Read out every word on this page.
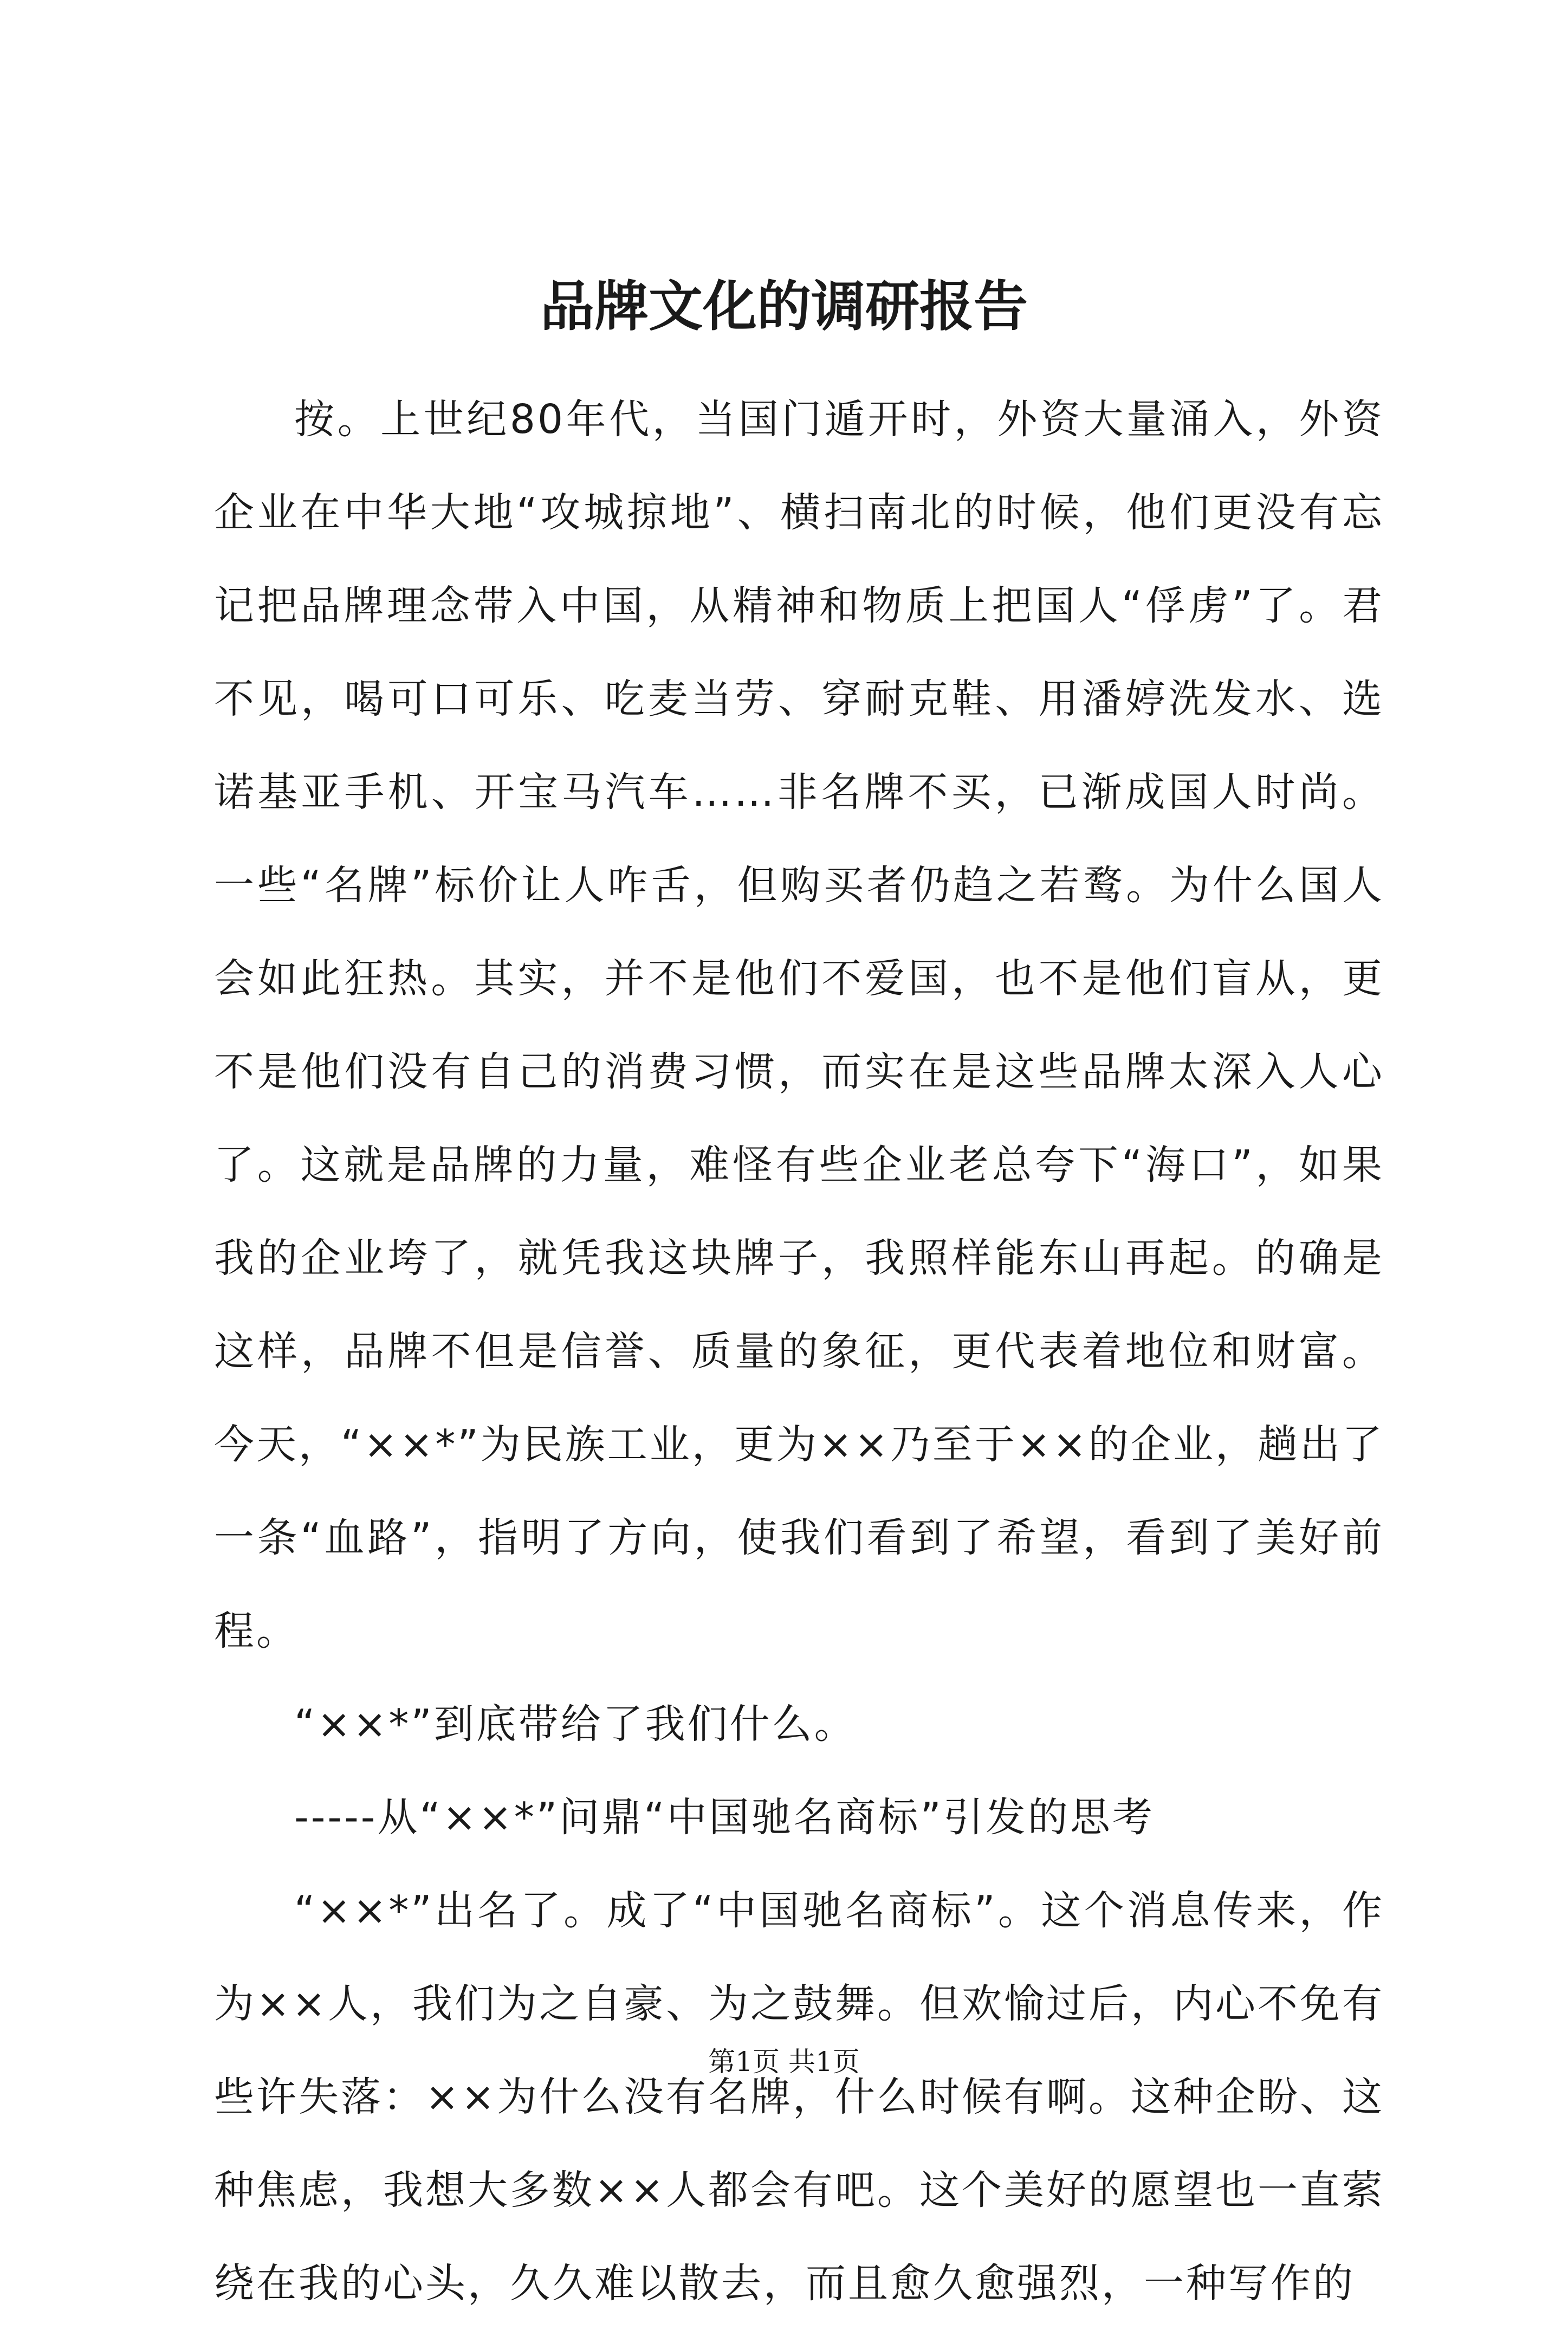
品牌文化的调研报告

按。上世纪80年代，当国门遁开时，外资大量涌入，外资企业在中华大地“攻城掠地”、横扫南北的时候，他们更没有忘记把品牌理念带入中国，从精神和物质上把国人“俘虏”了。君不见，喝可口可乐、吃麦当劳、穿耐克鞋、用潘婷洗发水、选诺基亚手机、开宝马汽车……非名牌不买，已渐成国人时尚。一些“名牌”标价让人咋舌，但购买者仍趋之若鹜。为什么国人会如此狂热。其实，并不是他们不爱国，也不是他们盲从，更不是他们没有自己的消费习惯，而实在是这些品牌太深入人心了。这就是品牌的力量，难怪有些企业老总夸下“海口”，如果我的企业垮了，就凭我这块牌子，我照样能东山再起。的确是这样，品牌不但是信誉、质量的象征，更代表着地位和财富。今天，“××*”为民族工业，更为××乃至于××的企业，趟出了一条“血路”，指明了方向，使我们看到了希望，看到了美好前程。

“××*”到底带给了我们什么。

-----从“××*”问鼎“中国驰名商标”引发的思考

“××*”出名了。成了“中国驰名商标”。这个消息传来，作为××人，我们为之自豪、为之鼓舞。但欢愉过后，内心不免有些许失落：××为什么没有名牌，什么时候有啊。这种企盼、这种焦虑，我想大多数××人都会有吧。这个美好的愿望也一直萦绕在我的心头，久久难以散去，而且愈久愈强烈，一种写作的

第1页 共1页
